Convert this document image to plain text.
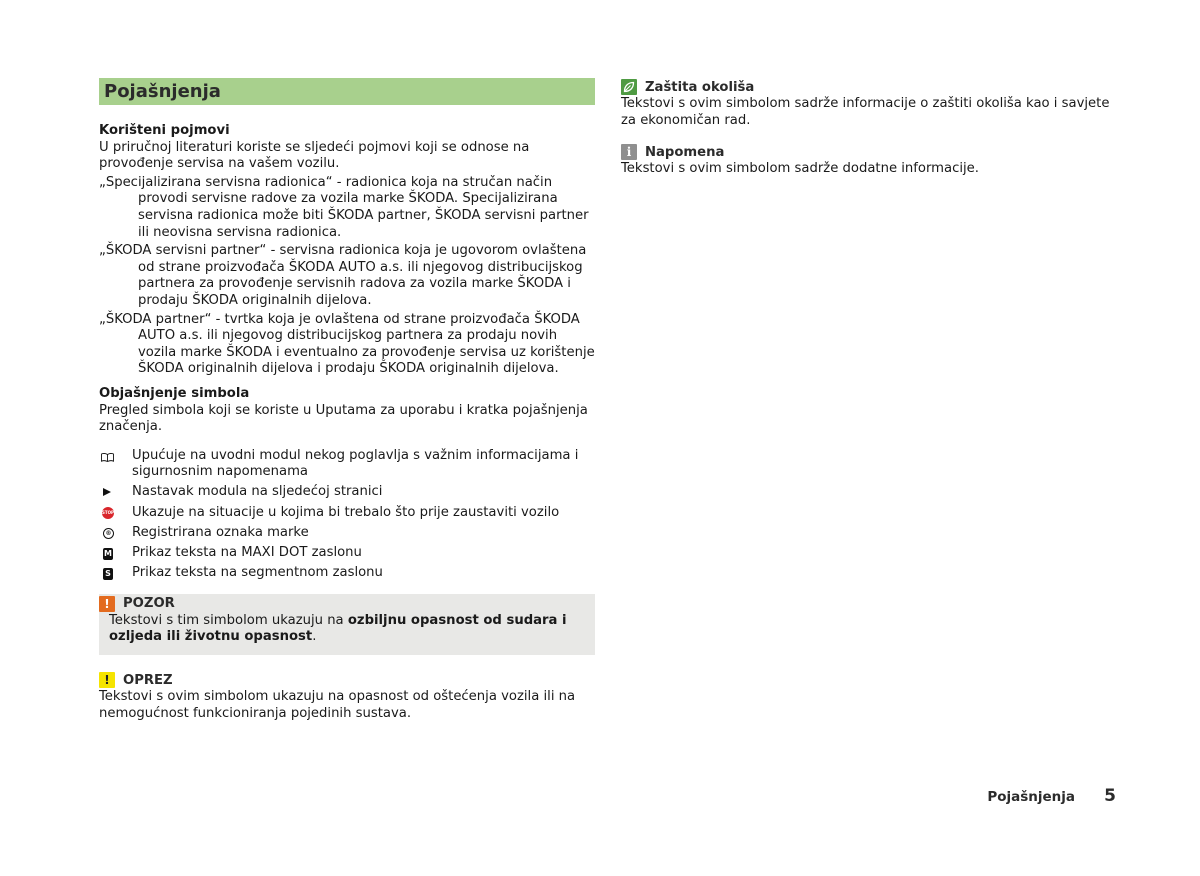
Pojašnjenja
Korišteni pojmovi

U priručnoj literaturi koriste se sljedeći pojmovi koji se odnose na provođenje servisa na vašem vozilu.

„Specijalizirana servisna radionica“ - radionica koja na stručan način provodi servisne radove za vozila marke ŠKODA. Specijalizirana servisna radionica može biti ŠKODA partner, ŠKODA servisni partner ili neovisna servisna radionica.
„ŠKODA servisni partner“ - servisna radionica koja je ugovorom ovlaštena od strane proizvođača ŠKODA AUTO a.s. ili njegovog distribucijskog partnera za provođenje servisnih radova za vozila marke ŠKODA i prodaju ŠKODA originalnih dijelova.
„ŠKODA partner“ - tvrtka koja je ovlaštena od strane proizvođača ŠKODA AUTO a.s. ili njegovog distribucijskog partnera za prodaju novih vozila marke ŠKODA i eventualno za provođenje servisa uz korištenje ŠKODA originalnih dijelova i prodaju ŠKODA originalnih dijelova.
Objašnjenje simbola

Pregled simbola koji se koriste u Uputama za uporabu i kratka pojašnjenja značenja.

Upućuje na uvodni modul nekog poglavlja s važnim informacijama i sigurnosnim napomenama
Nastavak modula na sljedećoj stranici
STOP Ukazuje na situacije u kojima bi trebalo što prije zaustaviti vozilo
® Registrirana oznaka marke
M Prikaz teksta na MAXI DOT zaslonu
S Prikaz teksta na segmentnom zaslonu
!	POZOR
Tekstovi s tim simbolom ukazuju na ozbiljnu opasnost od sudara i ozljeda ili životnu opasnost.
!	OPREZ

Tekstovi s ovim simbolom ukazuju na opasnost od oštećenja vozila ili na nemogućnost funkcioniranja pojedinih sustava.

Zaštita okoliša

Tekstovi s ovim simbolom sadrže informacije o zaštiti okoliša kao i savjete za ekonomičan rad.

i	Napomena

Tekstovi s ovim simbolom sadrže dodatne informacije.

Pojašnjenja	5
